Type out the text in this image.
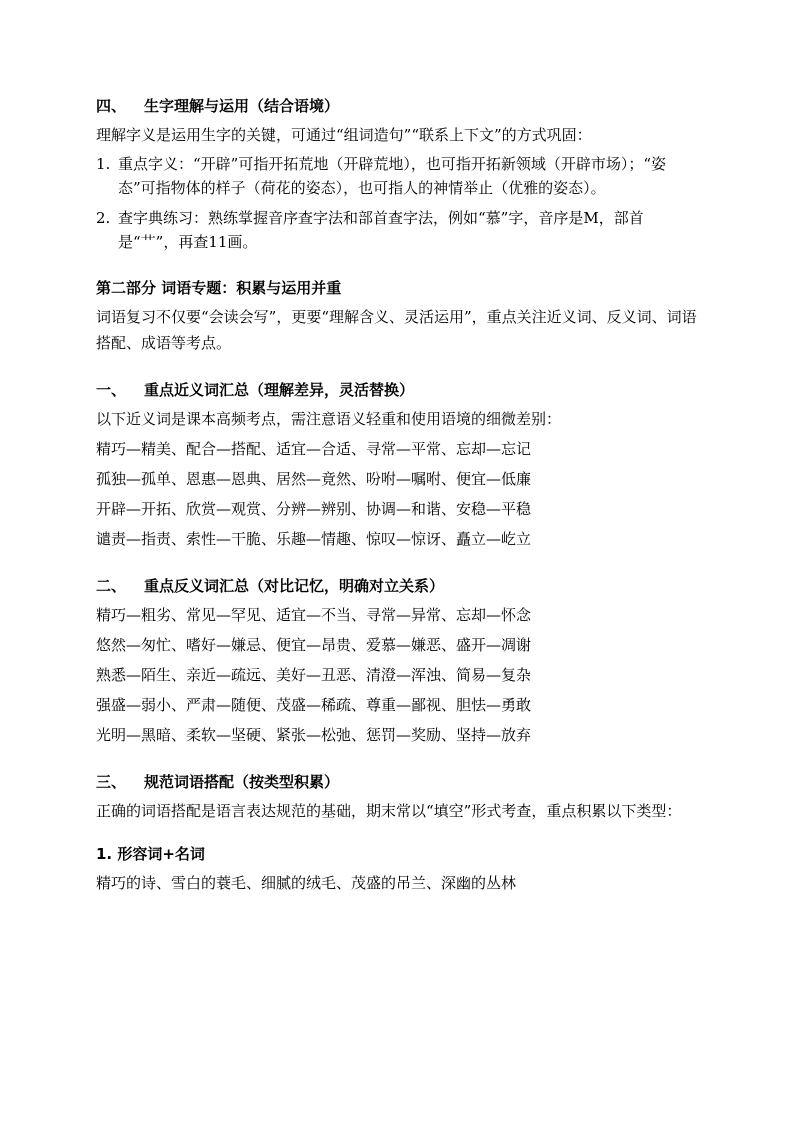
四、 生字理解与运用（结合语境）

理解字义是运用生字的关键，可通过“组词造句”“联系上下文”的方式巩固：

1. 重点字义：“开辟”可指开拓荒地（开辟荒地），也可指开拓新领域（开辟市场）；“姿态”可指物体的样子（荷花的姿态），也可指人的神情举止（优雅的姿态）。
2. 查字典练习：熟练掌握音序查字法和部首查字法，例如“慕”字，音序是M，部首是“艹”，再查11画。

第二部分 词语专题：积累与运用并重

词语复习不仅要“会读会写”，更要“理解含义、灵活运用”，重点关注近义词、反义词、词语搭配、成语等考点。

一、 重点近义词汇总（理解差异，灵活替换）

以下近义词是课本高频考点，需注意语义轻重和使用语境的细微差别：

精巧—精美、配合—搭配、适宜—合适、寻常—平常、忘却—忘记

孤独—孤单、恩惠—恩典、居然—竟然、吩咐—嘱咐、便宜—低廉

开辟—开拓、欣赏—观赏、分辨—辨别、协调—和谐、安稳—平稳

谴责—指责、索性—干脆、乐趣—情趣、惊叹—惊讶、矗立—屹立

二、 重点反义词汇总（对比记忆，明确对立关系）

精巧—粗劣、常见—罕见、适宜—不当、寻常—异常、忘却—怀念

悠然—匆忙、嗜好—嫌忌、便宜—昂贵、爱慕—嫌恶、盛开—凋谢

熟悉—陌生、亲近—疏远、美好—丑恶、清澄—浑浊、简易—复杂

强盛—弱小、严肃—随便、茂盛—稀疏、尊重—鄙视、胆怯—勇敢

光明—黑暗、柔软—坚硬、紧张—松弛、惩罚—奖励、坚持—放弃

三、 规范词语搭配（按类型积累）

正确的词语搭配是语言表达规范的基础，期末常以“填空”形式考查，重点积累以下类型：

1. 形容词+名词

精巧的诗、雪白的蓑毛、细腻的绒毛、茂盛的吊兰、深幽的丛林
